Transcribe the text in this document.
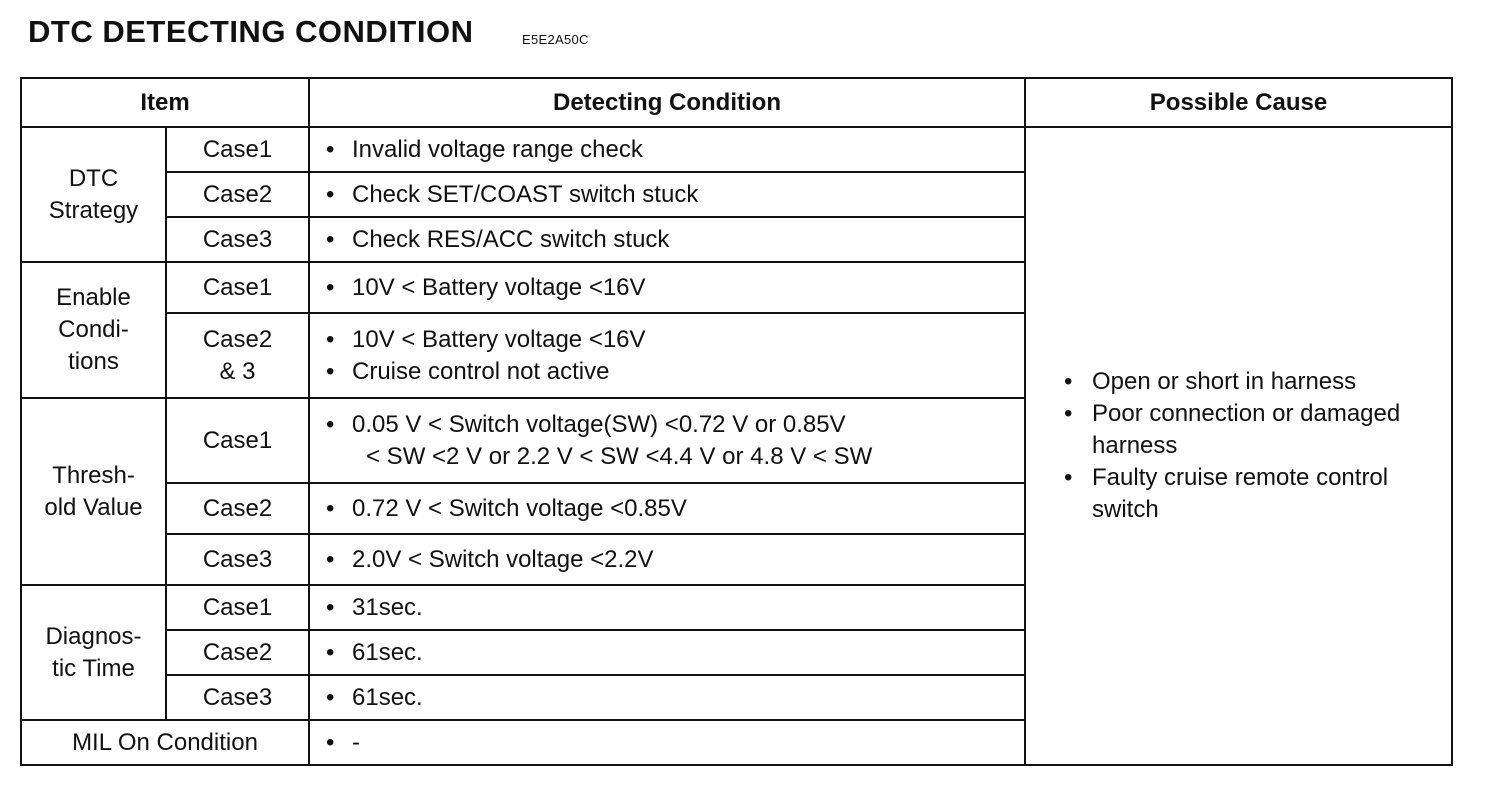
DTC DETECTING CONDITION	E5E2A50C
Item		Detecting Condition	Possible Cause
DTC Strategy	Case1	• Invalid voltage range check	• Open or short in harness
• Poor connection or damaged harness
• Faulty cruise remote control switch

	Case2	• Check SET/COAST switch stuck

	Case3	• Check RES/ACC switch stuck

Enable Condi- tions	Case1	• 10V < Battery voltage <16V

	Case2 & 3	• 10V < Battery voltage <16V
• Cruise control not active

Thresh- old Value	Case1	• 0.05 V < Switch voltage(SW) <0.72 V or 0.85V
< SW <2 V or 2.2 V < SW <4.4 V or 4.8 V < SW

	Case2	• 0.72 V < Switch voltage <0.85V

	Case3	• 2.0V < Switch voltage <2.2V

Diagnos- tic Time	Case1	• 31sec.

	Case2	• 61sec.

	Case3	• 61sec.

MIL On Condition		• -
